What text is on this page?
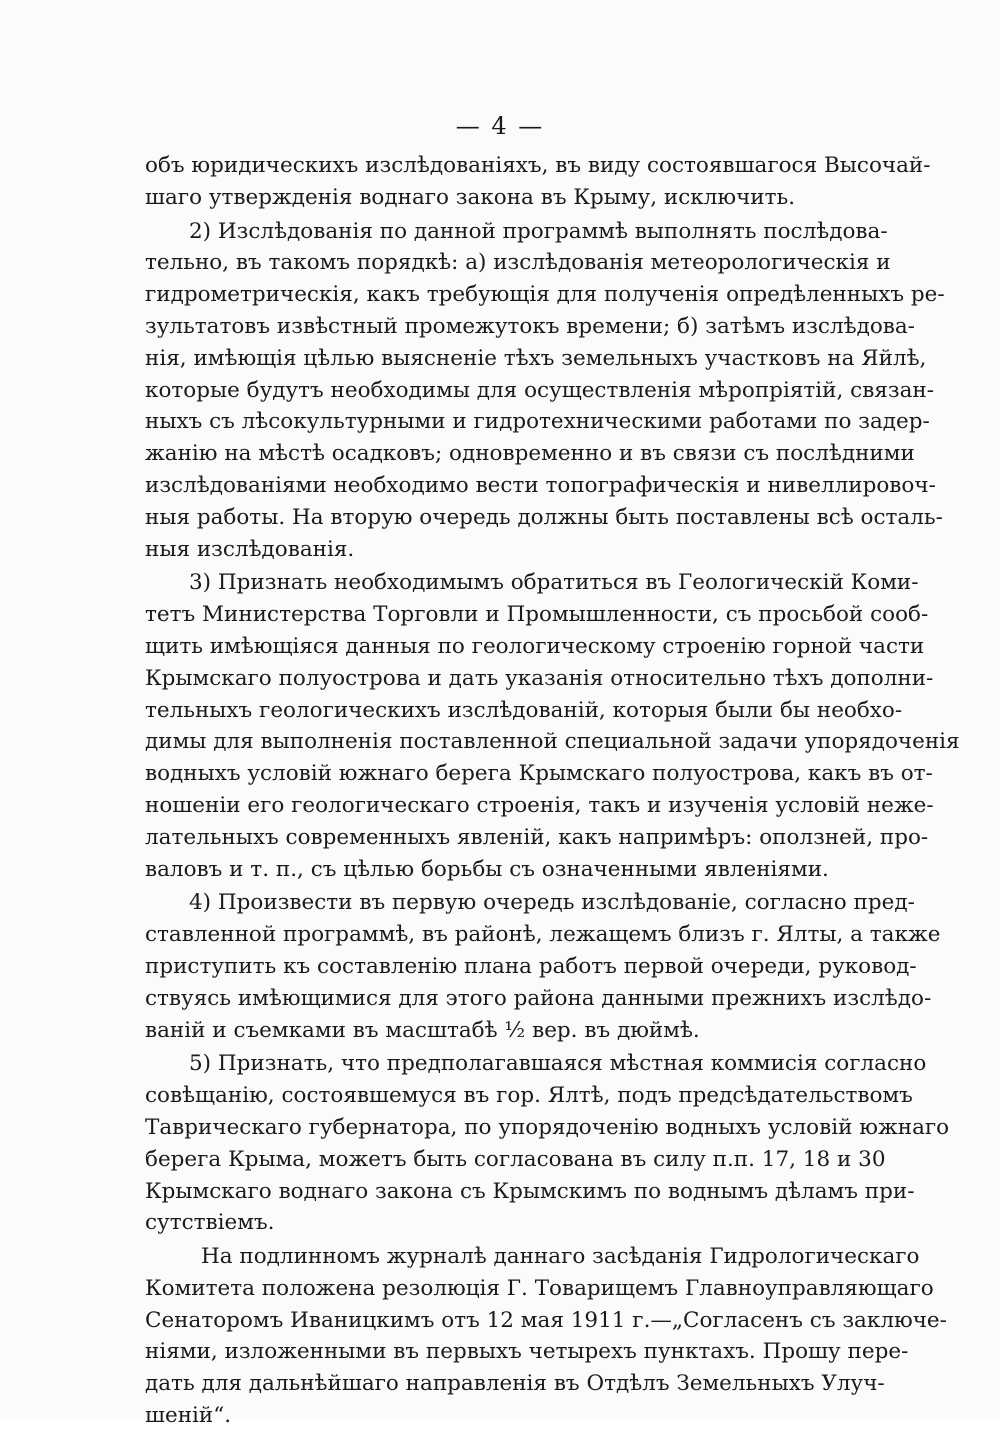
— 4 —
объ юридическихъ изслѣдованіяхъ, въ виду состоявшагося Высочай-
шаго утвержденія воднаго закона въ Крыму, исключить.
2) Изслѣдованія по данной программѣ выполнять послѣдова-
тельно, въ такомъ порядкѣ: а) изслѣдованія метеорологическія и
гидрометрическія, какъ требующія для полученія опредѣленныхъ ре-
зультатовъ извѣстный промежутокъ времени; б) затѣмъ изслѣдова-
нія, имѣющія цѣлью выясненіе тѣхъ земельныхъ участковъ на Яйлѣ,
которые будутъ необходимы для осуществленія мѣропріятій, связан-
ныхъ съ лѣсокультурными и гидротехническими работами по задер-
жанію на мѣстѣ осадковъ; одновременно и въ связи съ послѣдними
изслѣдованіями необходимо вести топографическія и нивеллировоч-
ныя работы. На вторую очередь должны быть поставлены всѣ осталь-
ныя изслѣдованія.
3) Признать необходимымъ обратиться въ Геологическій Коми-
тетъ Министерства Торговли и Промышленности, съ просьбой сооб-
щить имѣющіяся данныя по геологическому строенію горной части
Крымскаго полуострова и дать указанія относительно тѣхъ дополни-
тельныхъ геологическихъ изслѣдованій, которыя были бы необхо-
димы для выполненія поставленной специальной задачи упорядоченія
водныхъ условій южнаго берега Крымскаго полуострова, какъ въ от-
ношеніи его геологическаго строенія, такъ и изученія условій нежe-
лательныхъ современныхъ явленій, какъ напримѣръ: оползней, про-
валовъ и т. п., съ цѣлью борьбы съ означенными явленіями.
4) Произвести въ первую очередь изслѣдованіе, согласно пред-
ставленной программѣ, въ районѣ, лежащемъ близъ г. Ялты, а также
приступить къ составленію плана работъ первой очереди, руковод-
ствуясь имѣющимися для этого района данными прежнихъ изслѣдо-
ваній и съемками въ масштабѣ ½ вер. въ дюймѣ.
5) Признать, что предполагавшаяся мѣстная коммисія согласно
совѣщанію, состоявшемуся въ гор. Ялтѣ, подъ предсѣдательствомъ
Таврическаго губернатора, по упорядоченію водныхъ условій южнаго
берега Крыма, можетъ быть согласована въ силу п.п. 17, 18 и 30
Крымскаго воднаго закона съ Крымскимъ по воднымъ дѣламъ при-
сутствіемъ.
На подлинномъ журналѣ даннаго засѣданія Гидрологическаго
Комитета положена резолюція Г. Товарищемъ Главноуправляющаго
Сенаторомъ Иваницкимъ отъ 12 мая 1911 г.—„Согласенъ съ заключе-
ніями, изложенными въ первыхъ четырехъ пунктахъ. Прошу пере-
дать для дальнѣйшаго направленія въ Отдѣлъ Земельныхъ Улуч-
шеній“.
